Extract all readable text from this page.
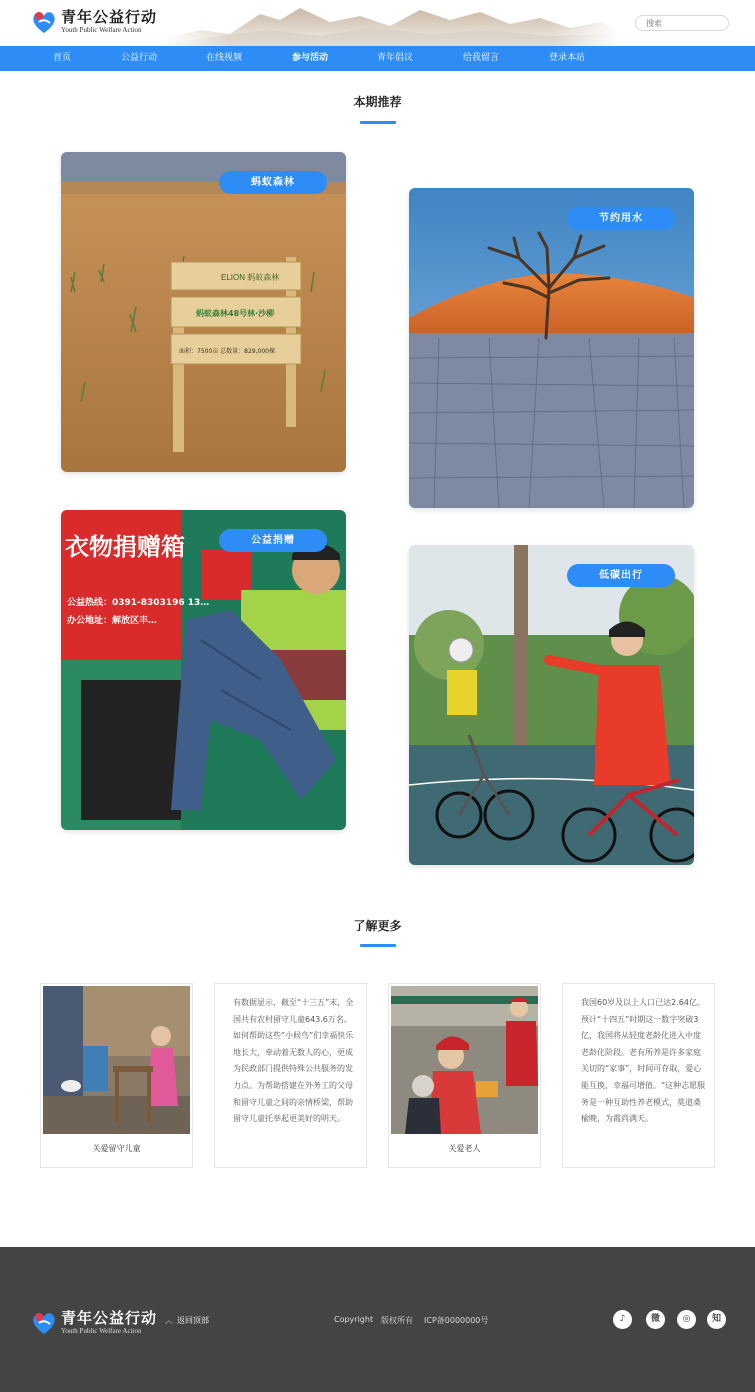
青年公益行动
Youth Public Welfare Action
搜索
首页	公益行动	在线视频	参与活动	青年倡议	给我留言	登录本站
本期推荐
ELION 蚂蚁森林
蚂蚁森林48号林·沙柳
面积：7500亩 总数量：829,000棵
蚂蚁森林
节约用水
衣物捐赠箱
公益热线：0391-8303196 13…
办公地址：解放区丰…
公益捐赠
低碳出行
了解更多
关爱留守儿童
有数据显示，截至“十三五”末，全国共有农村留守儿童643.6万名。如何帮助这些“小候鸟”们幸福快乐地长大，牵动着无数人的心，更成为民政部门提供特殊公共服务的发力点。为帮助搭建在外务工的父母和留守儿童之间的亲情桥梁，帮助留守儿童托举起更美好的明天。
关爱老人
我国60岁及以上人口已达2.64亿。预计“十四五”时期这一数字突破3亿，我国将从轻度老龄化进入中度老龄化阶段。老有所养是许多家庭关切的“家事”，时间可存取，爱心能互换，幸福可增值。“这种志愿服务是一种互助性养老模式，莫道桑榆晚，为霞尚满天。
青年公益行动
Youth Public Welfare Action
︿ 返回顶部	Copyright 版权所有 ICP备0000000号	♪	微	◎	知
